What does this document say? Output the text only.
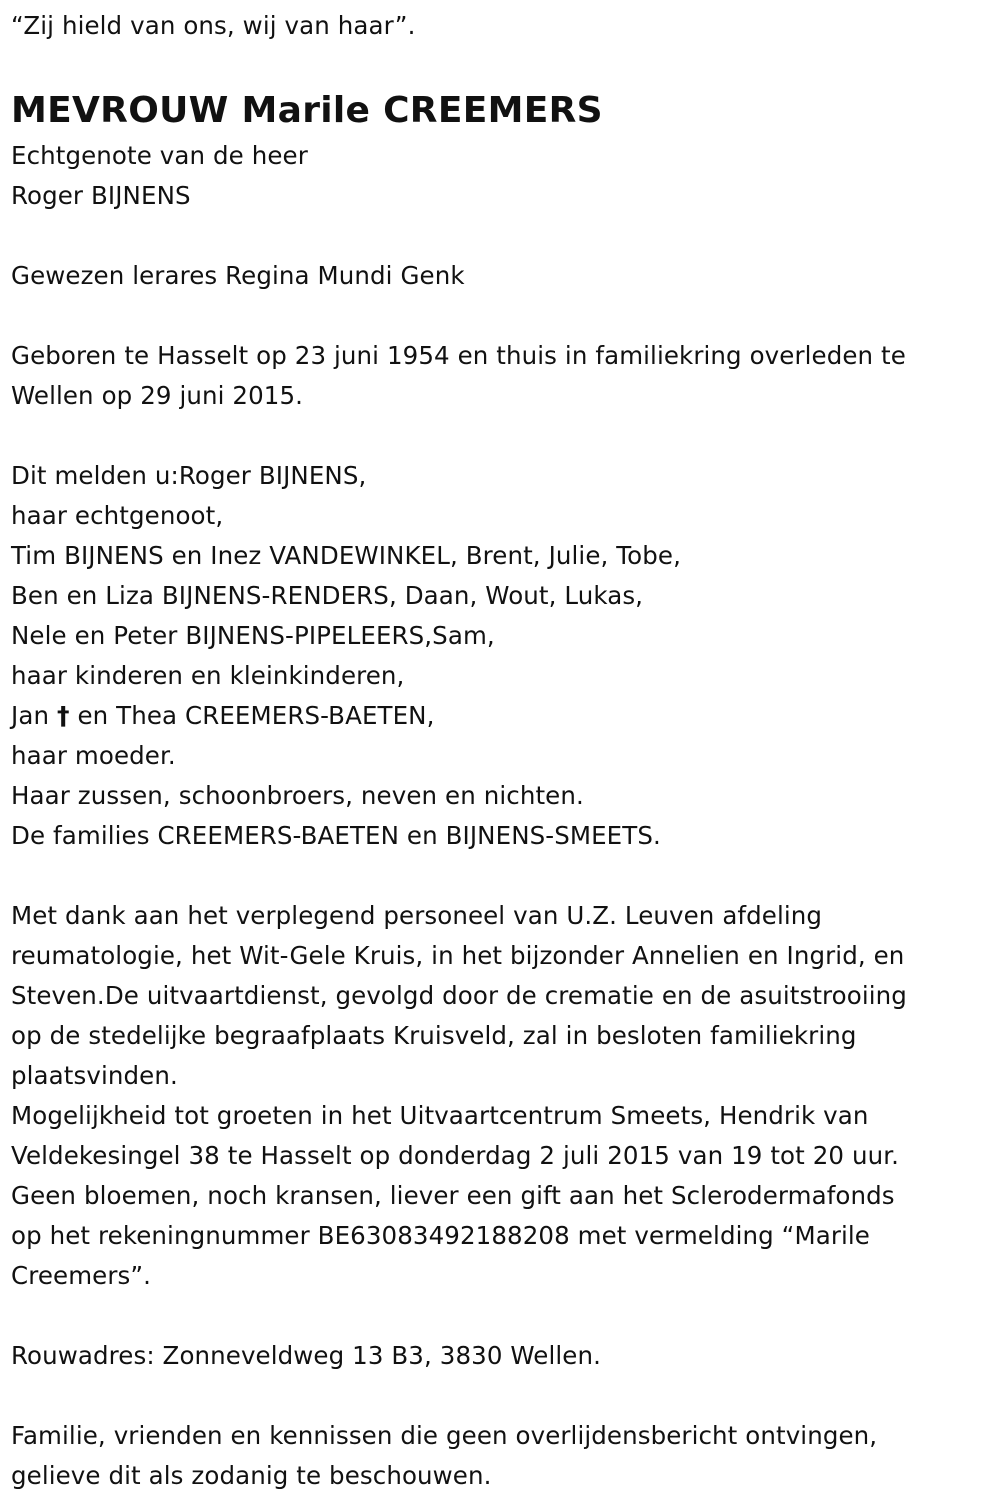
“Zij hield van ons, wij van haar”.

MEVROUW Marile CREEMERS

Echtgenote van de heer

Roger BIJNENS

Gewezen lerares Regina Mundi Genk

Geboren te Hasselt op 23 juni 1954 en thuis in familiekring overleden te

Wellen op 29 juni 2015.

Dit melden u:Roger BIJNENS,

haar echtgenoot,

Tim BIJNENS en Inez VANDEWINKEL, Brent, Julie, Tobe,

Ben en Liza BIJNENS-RENDERS, Daan, Wout, Lukas,

Nele en Peter BIJNENS-PIPELEERS,Sam,

haar kinderen en kleinkinderen,

Jan † en Thea CREEMERS-BAETEN,

haar moeder.

Haar zussen, schoonbroers, neven en nichten.

De families CREEMERS-BAETEN en BIJNENS-SMEETS.

Met dank aan het verplegend personeel van U.Z. Leuven afdeling

reumatologie, het Wit-Gele Kruis, in het bijzonder Annelien en Ingrid, en

Steven.De uitvaartdienst, gevolgd door de crematie en de asuitstrooiing

op de stedelijke begraafplaats Kruisveld, zal in besloten familiekring

plaatsvinden.

Mogelijkheid tot groeten in het Uitvaartcentrum Smeets, Hendrik van

Veldekesingel 38 te Hasselt op donderdag 2 juli 2015 van 19 tot 20 uur.

Geen bloemen, noch kransen, liever een gift aan het Sclerodermafonds

op het rekeningnummer BE63083492188208 met vermelding “Marile

Creemers”.

Rouwadres: Zonneveldweg 13 B3, 3830 Wellen.

Familie, vrienden en kennissen die geen overlijdensbericht ontvingen,

gelieve dit als zodanig te beschouwen.
